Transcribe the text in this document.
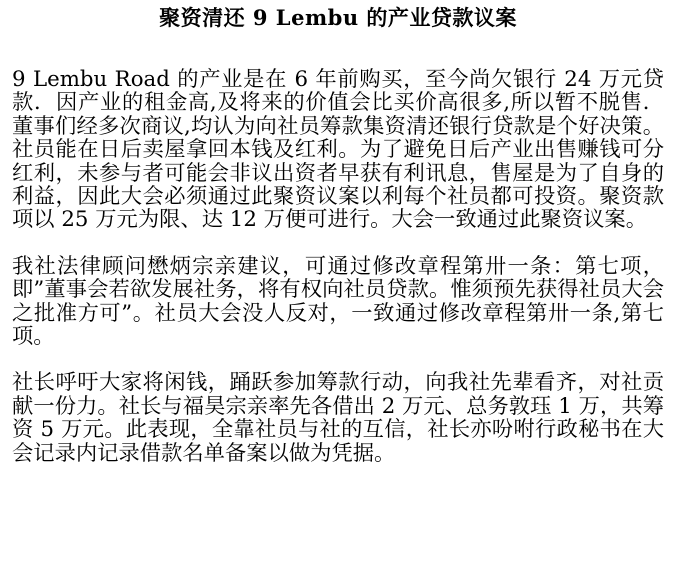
聚资清还 9 Lembu 的产业贷款议案

9 Lembu Road 的产业是在 6 年前购买，至今尚欠银行 24 万元贷款．因产业的租金高,及将来的价值会比买价高很多,所以暂不脱售．董事们经多次商议,均认为向社员筹款集资清还银行贷款是个好决策。社员能在日后卖屋拿回本钱及红利。为了避免日后产业出售赚钱可分红利，未参与者可能会非议出资者早获有利讯息，售屋是为了自身的利益，因此大会必须通过此聚资议案以利每个社员都可投资。聚资款项以 25 万元为限、达 12 万便可进行。大会一致通过此聚资议案。

我社法律顾问懋炳宗亲建议，可通过修改章程第卅一条：第七项，即”董事会若欲发展社务，将有权向社员贷款。惟须预先获得社员大会之批准方可”。社员大会没人反对，一致通过修改章程第卅一条,第七项。

社长呼吁大家将闲钱，踊跃参加筹款行动，向我社先辈看齐，对社贡献一份力。社长与福昊宗亲率先各借出 2 万元、总务敦珏 1 万，共筹资 5 万元。此表现，全靠社员与社的互信，社长亦吩咐行政秘书在大会记录内记录借款名单备案以做为凭据。
